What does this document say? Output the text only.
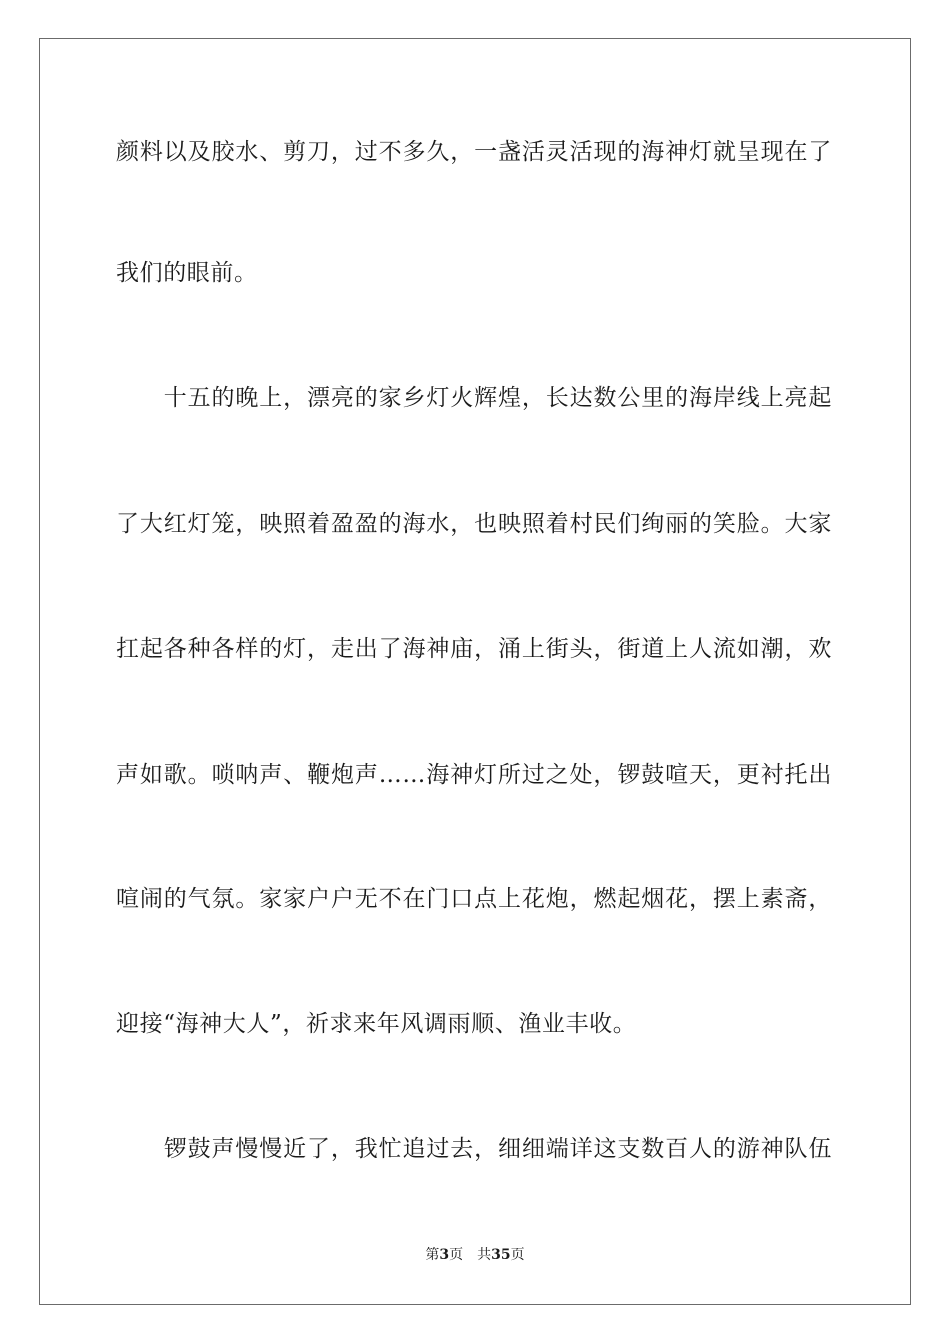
颜料以及胶水、剪刀，过不多久，一盏活灵活现的海神灯就呈现在了
我们的眼前。
　　十五的晚上，漂亮的家乡灯火辉煌，长达数公里的海岸线上亮起
了大红灯笼，映照着盈盈的海水，也映照着村民们绚丽的笑脸。大家
扛起各种各样的灯，走出了海神庙，涌上街头，街道上人流如潮，欢
声如歌。唢呐声、鞭炮声……海神灯所过之处，锣鼓喧天，更衬托出
喧闹的气氛。家家户户无不在门口点上花炮，燃起烟花，摆上素斋，
迎接“海神大人”，祈求来年风调雨顺、渔业丰收。
　　锣鼓声慢慢近了，我忙追过去，细细端详这支数百人的游神队伍
第3页 共35页
